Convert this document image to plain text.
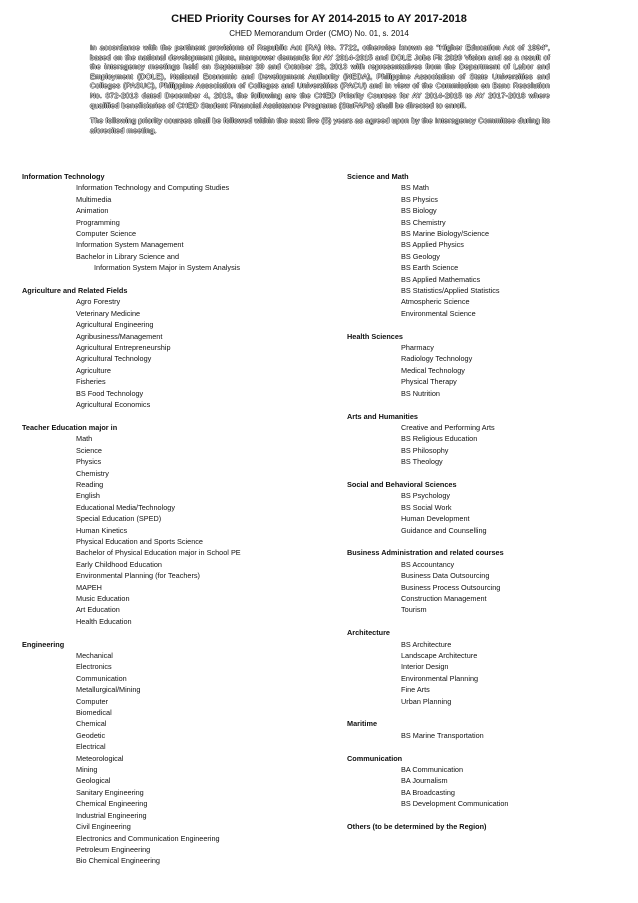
CHED Priority Courses for AY 2014-2015 to AY 2017-2018
CHED Memorandum Order (CMO) No. 01, s. 2014

In accordance with the pertinent provisions of Republic Act (RA) No. 7722, otherwise known as "Higher Education Act of 1994", based on the national development plans, manpower demands for AY 2014-2015 and DOLE Jobs Fit 2020 Vision and as a result of the interagency meetings held on September 30 and October 28, 2013 with representatives from the Department of Labor and Employment (DOLE), National Economic and Development Authority (NEDA), Philippine Association of State Universities and Colleges (PASUC), Philippine Association of Colleges and Universities (PACU) and in view of the Commission en Banc Resolution No. 872-2013 dated December 4, 2013, the following are the CHED Priority Courses for AY 2014-2015 to AY 2017-2018 where qualified beneficiaries of CHED Student Financial Assistance Programs (StuFAPs) shall be directed to enroll.

The following priority courses shall be followed within the next five (5) years as agreed upon by the Interagency Committee during its aforecited meeting.

Information Technology
Information Technology and Computing Studies
Multimedia
Animation
Programming
Computer Science
Information System Management
Bachelor in Library Science and
Information System Major in System Analysis
Agriculture and Related Fields
Agro Forestry
Veterinary Medicine
Agricultural Engineering
Agribusiness/Management
Agricultural Entrepreneurship
Agricultural Technology
Agriculture
Fisheries
BS Food Technology
Agricultural Economics
Teacher Education major in
Math
Science
Physics
Chemistry
Reading
English
Educational Media/Technology
Special Education (SPED)
Human Kinetics
Physical Education and Sports Science
Bachelor of Physical Education major in School PE
Early Childhood Education
Environmental Planning (for Teachers)
MAPEH
Music Education
Art Education
Health Education
Engineering
Mechanical
Electronics
Communication
Metallurgical/Mining
Computer
Biomedical
Chemical
Geodetic
Electrical
Meteorological
Mining
Geological
Sanitary Engineering
Chemical Engineering
Industrial Engineering
Civil Engineering
Electronics and Communication Engineering
Petroleum Engineering
Bio Chemical Engineering
Science and Math
BS Math
BS Physics
BS Biology
BS Chemistry
BS Marine Biology/Science
BS Applied Physics
BS Geology
BS Earth Science
BS Applied Mathematics
BS Statistics/Applied Statistics
Atmospheric Science
Environmental Science
Health Sciences
Pharmacy
Radiology Technology
Medical Technology
Physical Therapy
BS Nutrition
Arts and Humanities
Creative and Performing Arts
BS Religious Education
BS Philosophy
BS Theology
Social and Behavioral Sciences
BS Psychology
BS Social Work
Human Development
Guidance and Counselling
Business Administration and related courses
BS Accountancy
Business Data Outsourcing
Business Process Outsourcing
Construction Management
Tourism
Architecture
BS Architecture
Landscape Architecture
Interior Design
Environmental Planning
Fine Arts
Urban Planning
Maritime
BS Marine Transportation
Communication
BA Communication
BA Journalism
BA Broadcasting
BS Development Communication
Others (to be determined by the Region)
